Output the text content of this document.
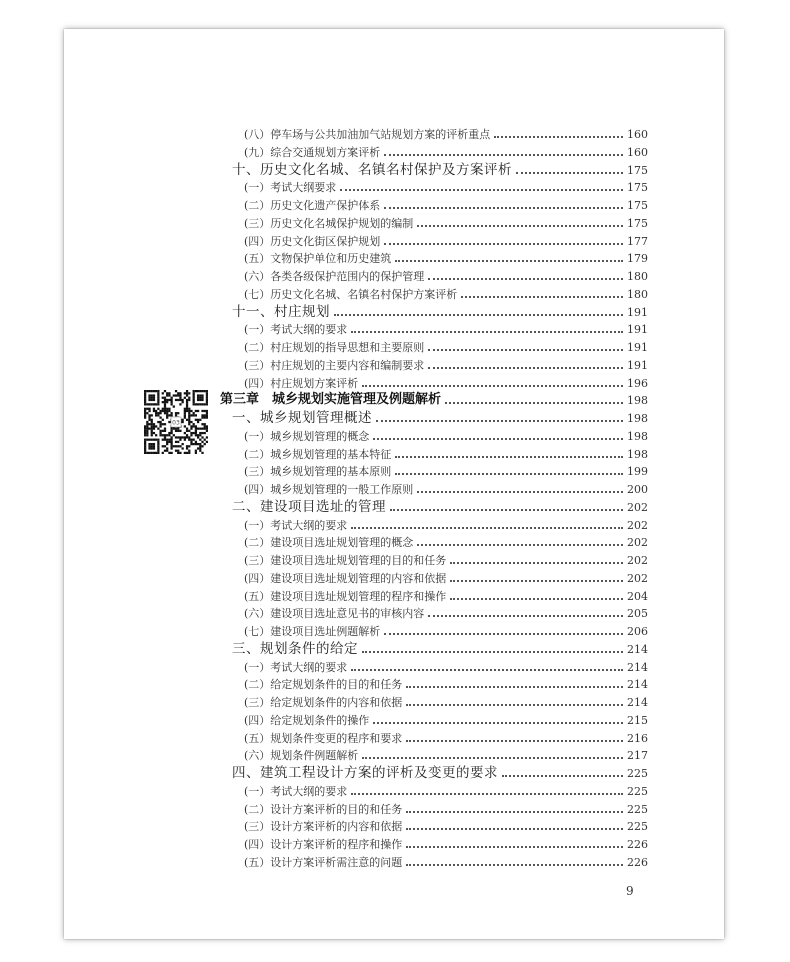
(八）停车场与公共加油加气站规划方案的评析重点	160
(九）综合交通规划方案评析	160
十、历史文化名城、名镇名村保护及方案评析	175
(一）考试大纲要求	175
(二）历史文化遗产保护体系	175
(三）历史文化名城保护规划的编制	175
(四）历史文化街区保护规划	177
(五）文物保护单位和历史建筑	179
(六）各类各级保护范围内的保护管理	180
(七）历史文化名城、名镇名村保护方案评析	180
十一、村庄规划	191
(一）考试大纲的要求	191
(二）村庄规划的指导思想和主要原则	191
(三）村庄规划的主要内容和编制要求	191
(四）村庄规划方案评析	196
第三章　城乡规划实施管理及例题解析	198
一、城乡规划管理概述	198
(一）城乡规划管理的概念	198
(二）城乡规划管理的基本特征	198
(三）城乡规划管理的基本原则	199
(四）城乡规划管理的一般工作原则	200
二、建设项目选址的管理	202
(一）考试大纲的要求	202
(二）建设项目选址规划管理的概念	202
(三）建设项目选址规划管理的目的和任务	202
(四）建设项目选址规划管理的内容和依据	202
(五）建设项目选址规划管理的程序和操作	204
(六）建设项目选址意见书的审核内容	205
(七）建设项目选址例题解析	206
三、规划条件的给定	214
(一）考试大纲的要求	214
(二）给定规划条件的目的和任务	214
(三）给定规划条件的内容和依据	214
(四）给定规划条件的操作	215
(五）规划条件变更的程序和要求	216
(六）规划条件例题解析	217
四、建筑工程设计方案的评析及变更的要求	225
(一）考试大纲的要求	225
(二）设计方案评析的目的和任务	225
(三）设计方案评析的内容和依据	225
(四）设计方案评析的程序和操作	226
(五）设计方案评析需注意的问题	226
03
9
